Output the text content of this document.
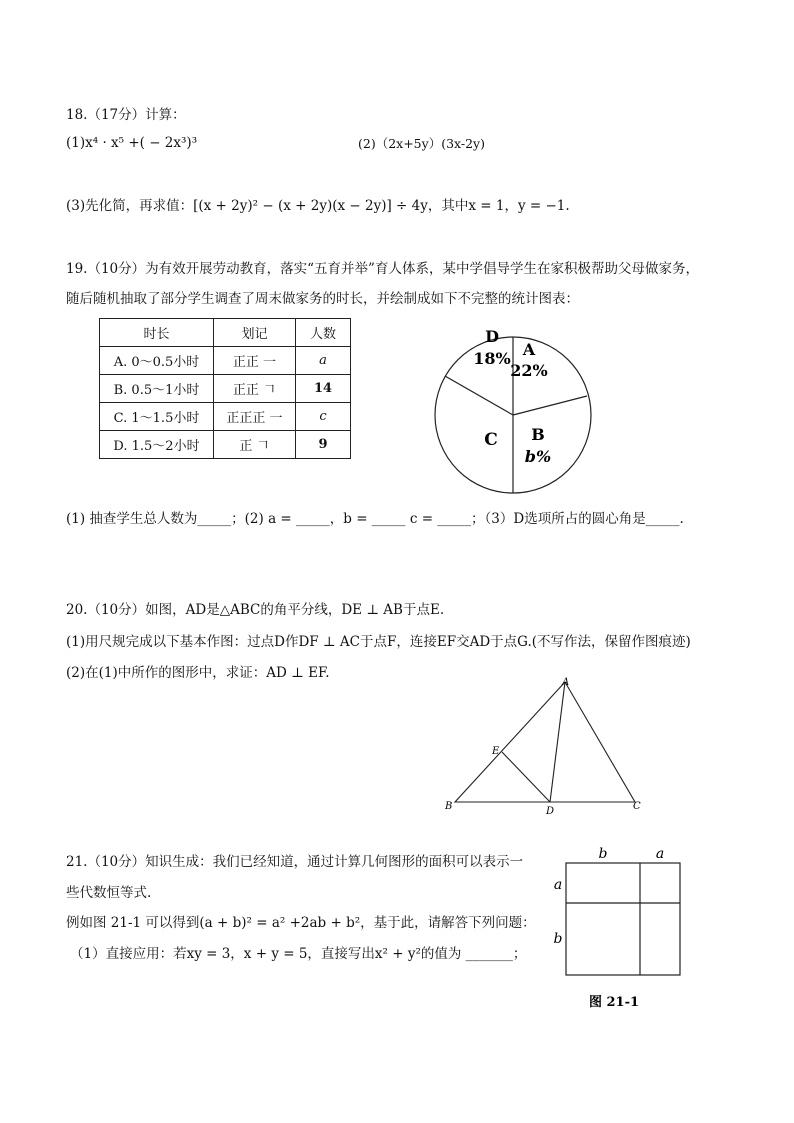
18.（17分）计算：
(1)x⁴ · x⁵ +( − 2x³)³	(2)（2x+5y）(3x-2y)
(3)先化简，再求值：[(x + 2y)² − (x + 2y)(x − 2y)] ÷ 4y，其中x = 1，y = −1.
19.（10分）为有效开展劳动教育，落实“五育并举”育人体系，某中学倡导学生在家积极帮助父母做家务，
随后随机抽取了部分学生调查了周末做家务的时长，并绘制成如下不完整的统计图表：
时长	划记	人数
A. 0～0.5小时	正正 一	a
B. 0.5～1小时	正正 𠃍	14
C. 1～1.5小时	正正正 一	c
D. 1.5～2小时	正 𠃍	9
D
18% A
22%
B
b%
C
(1) 抽查学生总人数为_____；(2) a = _____，b = _____ c = _____；（3）D选项所占的圆心角是_____.
20.（10分）如图，AD是△ABC的角平分线，DE ⊥ AB于点E.
(1)用尺规完成以下基本作图：过点D作DF ⊥ AC于点F，连接EF交AD于点G.(不写作法，保留作图痕迹)
(2)在(1)中所作的图形中，求证：AD ⊥ EF.
A
B	C
D
E
21.（10分）知识生成：我们已经知道，通过计算几何图形的面积可以表示一
些代数恒等式.
例如图 21-1 可以得到(a + b)² = a² +2ab + b²，基于此，请解答下列问题：
（1）直接应用：若xy = 3，x + y = 5，直接写出x² + y²的值为 _______；
b	a
a
b
图 21-1
